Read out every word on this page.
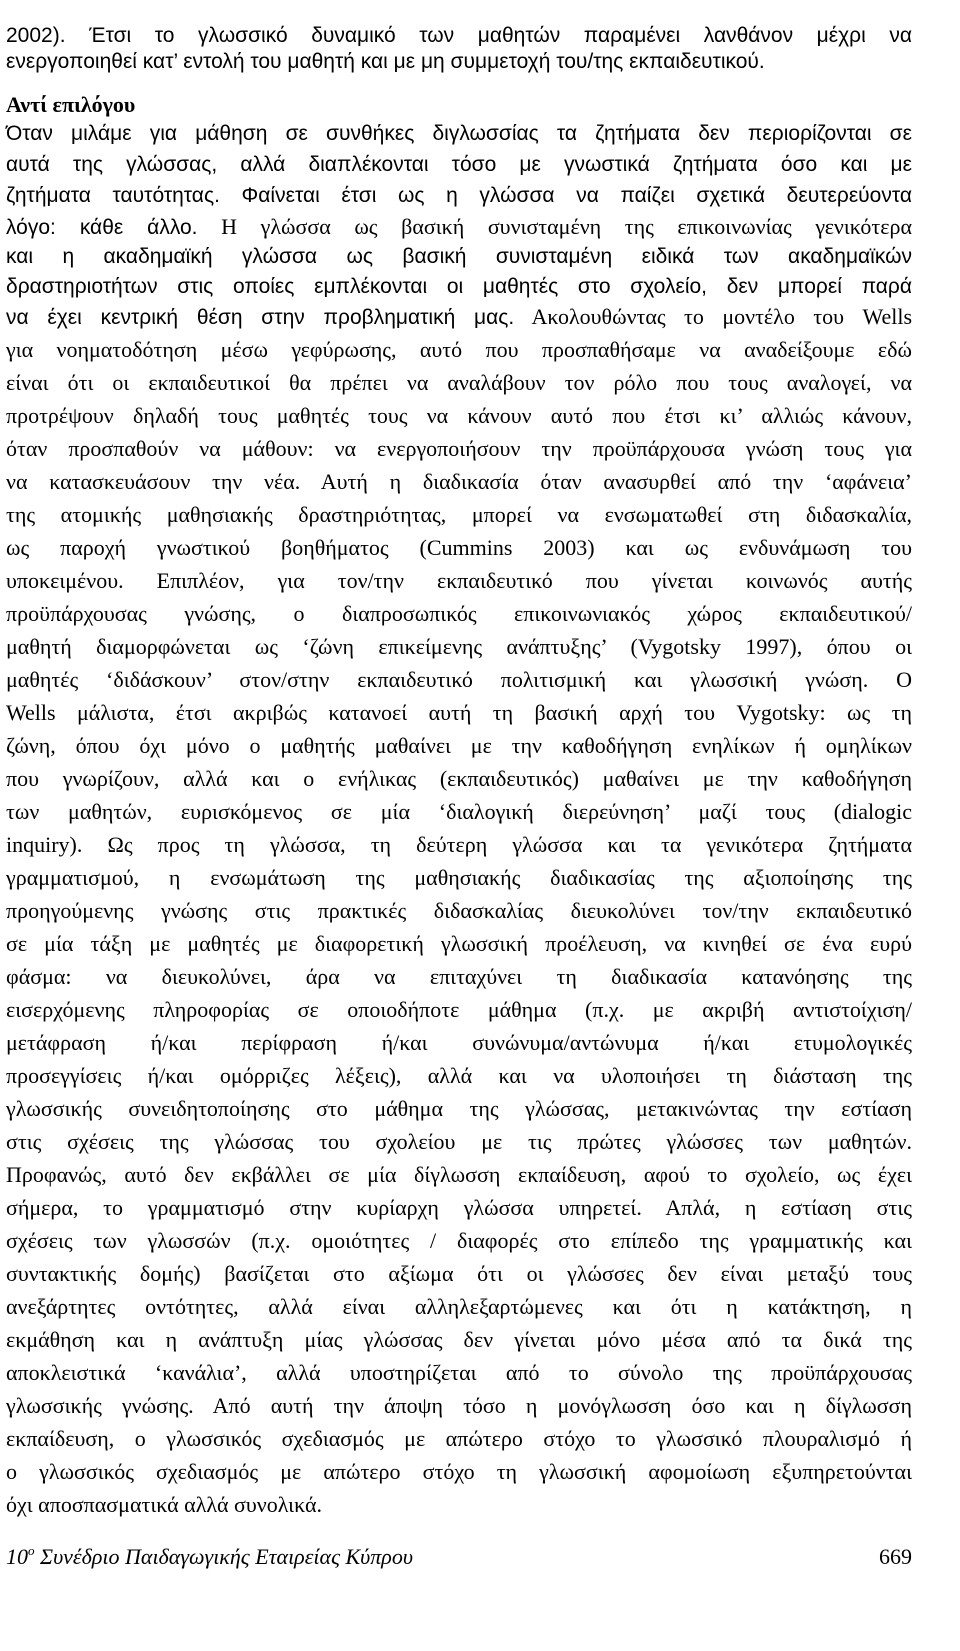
2002). Έτσι το γλωσσικό δυναμικό των μαθητών παραμένει λανθάνον μέχρι να
ενεργοποιηθεί κατ’ εντολή του μαθητή και με μη συμμετοχή του/της εκπαιδευτικού.
Αντί επιλόγου
Όταν μιλάμε για μάθηση σε συνθήκες διγλωσσίας τα ζητήματα δεν περιορίζονται σε
αυτά της γλώσσας, αλλά διαπλέκονται τόσο με γνωστικά ζητήματα όσο και με
ζητήματα ταυτότητας. Φαίνεται έτσι ως η γλώσσα να παίζει σχετικά δευτερεύοντα
λόγο: κάθε άλλο. Η γλώσσα ως βασική συνισταμένη της επικοινωνίας γενικότερα
και η ακαδημαϊκή γλώσσα ως βασική συνισταμένη ειδικά των ακαδημαϊκών
δραστηριοτήτων στις οποίες εμπλέκονται οι μαθητές στο σχολείο, δεν μπορεί παρά
να έχει κεντρική θέση στην προβληματική μας. Ακολουθώντας το μοντέλο του Wells
για νοηματοδότηση μέσω γεφύρωσης, αυτό που προσπαθήσαμε να αναδείξουμε εδώ
είναι ότι οι εκπαιδευτικοί θα πρέπει να αναλάβουν τον ρόλο που τους αναλογεί, να
προτρέψουν δηλαδή τους μαθητές τους να κάνουν αυτό που έτσι κι’ αλλιώς κάνουν,
όταν προσπαθούν να μάθουν: να ενεργοποιήσουν την προϋπάρχουσα γνώση τους για
να κατασκευάσουν την νέα. Αυτή η διαδικασία όταν ανασυρθεί από την ‘αφάνεια’
της ατομικής μαθησιακής δραστηριότητας, μπορεί να ενσωματωθεί στη διδασκαλία,
ως παροχή γνωστικού βοηθήματος (Cummins 2003) και ως ενδυνάμωση του
υποκειμένου. Επιπλέον, για τον/την εκπαιδευτικό που γίνεται κοινωνός αυτής
προϋπάρχουσας γνώσης, ο διαπροσωπικός επικοινωνιακός χώρος εκπαιδευτικού/
μαθητή διαμορφώνεται ως ‘ζώνη επικείμενης ανάπτυξης’ (Vygotsky 1997), όπου οι
μαθητές ‘διδάσκουν’ στον/στην εκπαιδευτικό πολιτισμική και γλωσσική γνώση. Ο
Wells μάλιστα, έτσι ακριβώς κατανοεί αυτή τη βασική αρχή του Vygotsky: ως τη
ζώνη, όπου όχι μόνο ο μαθητής μαθαίνει με την καθοδήγηση ενηλίκων ή ομηλίκων
που γνωρίζουν, αλλά και ο ενήλικας (εκπαιδευτικός) μαθαίνει με την καθοδήγηση
των μαθητών, ευρισκόμενος σε μία ‘διαλογική διερεύνηση’ μαζί τους (dialogic
inquiry). Ως προς τη γλώσσα, τη δεύτερη γλώσσα και τα γενικότερα ζητήματα
γραμματισμού, η ενσωμάτωση της μαθησιακής διαδικασίας της αξιοποίησης της
προηγούμενης γνώσης στις πρακτικές διδασκαλίας διευκολύνει τον/την εκπαιδευτικό
σε μία τάξη με μαθητές με διαφορετική γλωσσική προέλευση, να κινηθεί σε ένα ευρύ
φάσμα: να διευκολύνει, άρα να επιταχύνει τη διαδικασία κατανόησης της
εισερχόμενης πληροφορίας σε οποιοδήποτε μάθημα (π.χ. με ακριβή αντιστοίχιση/
μετάφραση ή/και περίφραση ή/και συνώνυμα/αντώνυμα ή/και ετυμολογικές
προσεγγίσεις ή/και ομόρριζες λέξεις), αλλά και να υλοποιήσει τη διάσταση της
γλωσσικής συνειδητοποίησης στο μάθημα της γλώσσας, μετακινώντας την εστίαση
στις σχέσεις της γλώσσας του σχολείου με τις πρώτες γλώσσες των μαθητών.
Προφανώς, αυτό δεν εκβάλλει σε μία δίγλωσση εκπαίδευση, αφού το σχολείο, ως έχει
σήμερα, το γραμματισμό στην κυρίαρχη γλώσσα υπηρετεί. Απλά, η εστίαση στις
σχέσεις των γλωσσών (π.χ. ομοιότητες / διαφορές στο επίπεδο της γραμματικής και
συντακτικής δομής) βασίζεται στο αξίωμα ότι οι γλώσσες δεν είναι μεταξύ τους
ανεξάρτητες οντότητες, αλλά είναι αλληλεξαρτώμενες και ότι η κατάκτηση, η
εκμάθηση και η ανάπτυξη μίας γλώσσας δεν γίνεται μόνο μέσα από τα δικά της
αποκλειστικά ‘κανάλια’, αλλά υποστηρίζεται από το σύνολο της προϋπάρχουσας
γλωσσικής γνώσης. Από αυτή την άποψη τόσο η μονόγλωσση όσο και η δίγλωσση
εκπαίδευση, ο γλωσσικός σχεδιασμός με απώτερο στόχο το γλωσσικό πλουραλισμό ή
ο γλωσσικός σχεδιασμός με απώτερο στόχο τη γλωσσική αφομοίωση εξυπηρετούνται
όχι αποσπασματικά αλλά συνολικά.
$10^o$ Συνέδριο Παιδαγωγικής Εταιρείας Κύπρου	669
